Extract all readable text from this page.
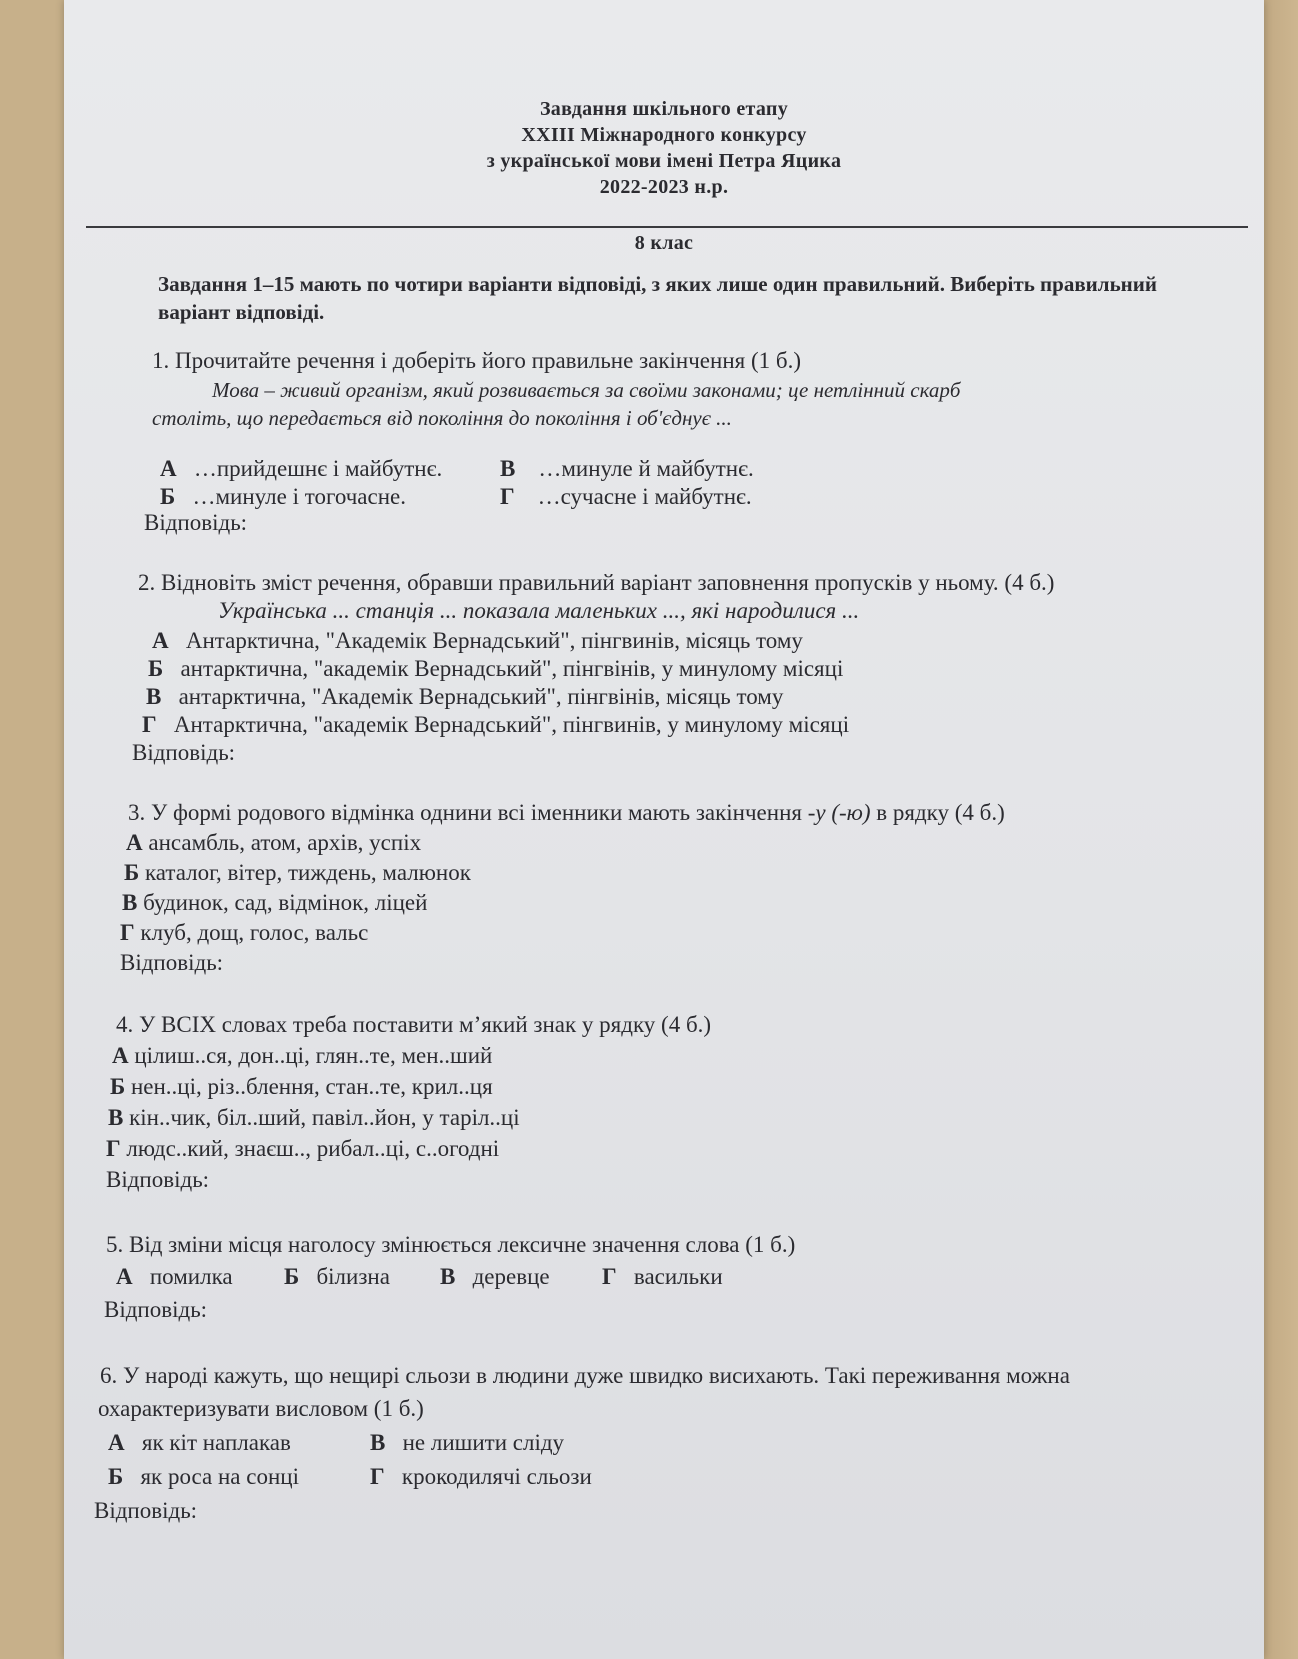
Завдання шкільного етапу
XXIII Міжнародного конкурсу
з української мови імені Петра Яцика
2022-2023 н.р.
8 клас
Завдання 1–15 мають по чотири варіанти відповіді, з яких лише один правильний. Виберіть правильний варіант відповіді.
1. Прочитайте речення і доберіть його правильне закінчення (1 б.)
Мова – живий організм, який розвивається за своїми законами; це нетлінний скарб
століть, що передається від покоління до покоління і об'єднує ...
А …прийдешнє і майбутнє.	В …минуле й майбутнє.
Б …минуле і тогочасне.	Г …сучасне і майбутнє.
Відповідь:
2. Відновіть зміст речення, обравши правильний варіант заповнення пропусків у ньому. (4 б.)
Українська ... станція ... показала маленьких ..., які народилися ...
А Антарктична, "Академік Вернадський", пінгвинів, місяць тому
Б антарктична, "академік Вернадський", пінгвінів, у минулому місяці
В антарктична, "Академік Вернадський", пінгвінів, місяць тому
Г Антарктична, "академік Вернадський", пінгвинів, у минулому місяці
Відповідь:
3. У формі родового відмінка однини всі іменники мають закінчення -у (-ю) в рядку (4 б.)
А ансамбль, атом, архів, успіх
Б каталог, вітер, тиждень, малюнок
В будинок, сад, відмінок, ліцей
Г клуб, дощ, голос, вальс
Відповідь:
4. У ВСІХ словах треба поставити м’який знак у рядку (4 б.)
А цілиш..ся, дон..ці, глян..те, мен..ший
Б нен..ці, різ..блення, стан..те, крил..ця
В кін..чик, біл..ший, павіл..йон, у таріл..ці
Г людс..кий, знаєш.., рибал..ці, с..огодні
Відповідь:
5. Від зміни місця наголосу змінюється лексичне значення слова (1 б.)
А помилка Б білизна В деревце Г васильки
Відповідь:
6. У народі кажуть, що нещирі сльози в людини дуже швидко висихають. Такі переживання можна
охарактеризувати висловом (1 б.)
А як кіт наплакав	В не лишити сліду
Б як роса на сонці	Г крокодилячі сльози
Відповідь:
